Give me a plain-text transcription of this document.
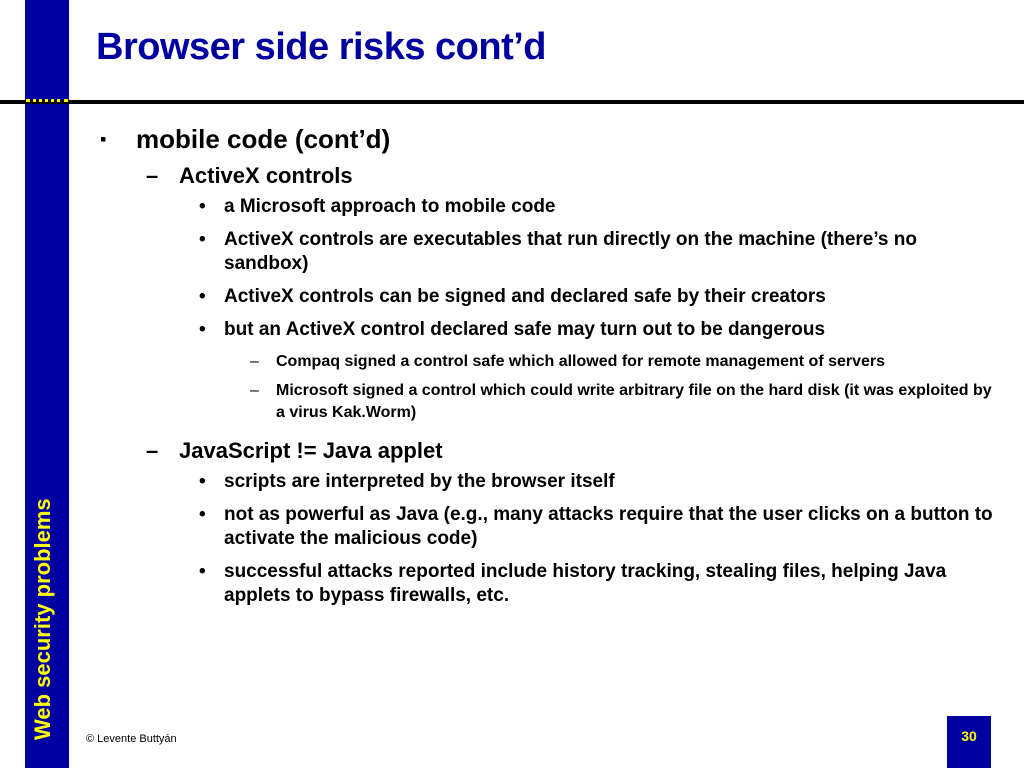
Web security problems
Browser side risks cont’d
▪ mobile code (cont’d)
– ActiveX controls
• a Microsoft approach to mobile code
• ActiveX controls are executables that run directly on the machine (there’s no sandbox)
• ActiveX controls can be signed and declared safe by their creators
• but an ActiveX control declared safe may turn out to be dangerous
– Compaq signed a control safe which allowed for remote management of servers
– Microsoft signed a control which could write arbitrary file on the hard disk (it was exploited by a virus Kak.Worm)
– JavaScript != Java applet
• scripts are interpreted by the browser itself
• not as powerful as Java (e.g., many attacks require that the user clicks on a button to activate the malicious code)
• successful attacks reported include history tracking, stealing files, helping Java applets to bypass firewalls, etc.
© Levente Buttyán	30
